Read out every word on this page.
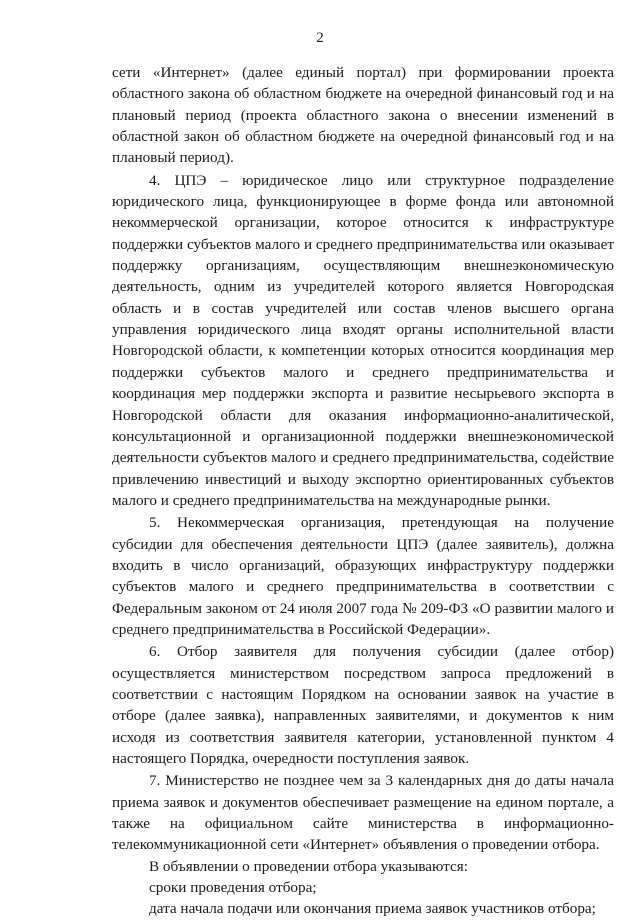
2

сети «Интернет» (далее единый портал) при формировании проекта областного закона об областном бюджете на очередной финансовый год и на плановый период (проекта областного закона о внесении изменений в областной закон об областном бюджете на очередной финансовый год и на плановый период).

4. ЦПЭ – юридическое лицо или структурное подразделение юридического лица, функционирующее в форме фонда или автономной некоммерческой организации, которое относится к инфраструктуре поддержки субъектов малого и среднего предпринимательства или оказывает поддержку организациям, осуществляющим внешнеэкономическую деятельность, одним из учредителей которого является Новгородская область и в состав учредителей или состав членов высшего органа управления юридического лица входят органы исполнительной власти Новгородской области, к компетенции которых относится координация мер поддержки субъектов малого и среднего предпринимательства и координация мер поддержки экспорта и развитие несырьевого экспорта в Новгородской области для оказания информационно-аналитической, консультационной и организационной поддержки внешнеэкономической деятельности субъектов малого и среднего предпринимательства, содействие привлечению инвестиций и выходу экспортно ориентированных субъектов малого и среднего предпринимательства на международные рынки.

5. Некоммерческая организация, претендующая на получение субсидии для обеспечения деятельности ЦПЭ (далее заявитель), должна входить в число организаций, образующих инфраструктуру поддержки субъектов малого и среднего предпринимательства в соответствии с Федеральным законом от 24 июля 2007 года № 209-ФЗ «О развитии малого и среднего предпринимательства в Российской Федерации».

6. Отбор заявителя для получения субсидии (далее отбор) осуществляется министерством посредством запроса предложений в соответствии с настоящим Порядком на основании заявок на участие в отборе (далее заявка), направленных заявителями, и документов к ним исходя из соответствия заявителя категории, установленной пунктом 4 настоящего Порядка, очередности поступления заявок.

7. Министерство не позднее чем за 3 календарных дня до даты начала приема заявок и документов обеспечивает размещение на едином портале, а также на официальном сайте министерства в информационно-телекоммуникационной сети «Интернет» объявления о проведении отбора.

В объявлении о проведении отбора указываются:

сроки проведения отбора;

дата начала подачи или окончания приема заявок участников отбора;
